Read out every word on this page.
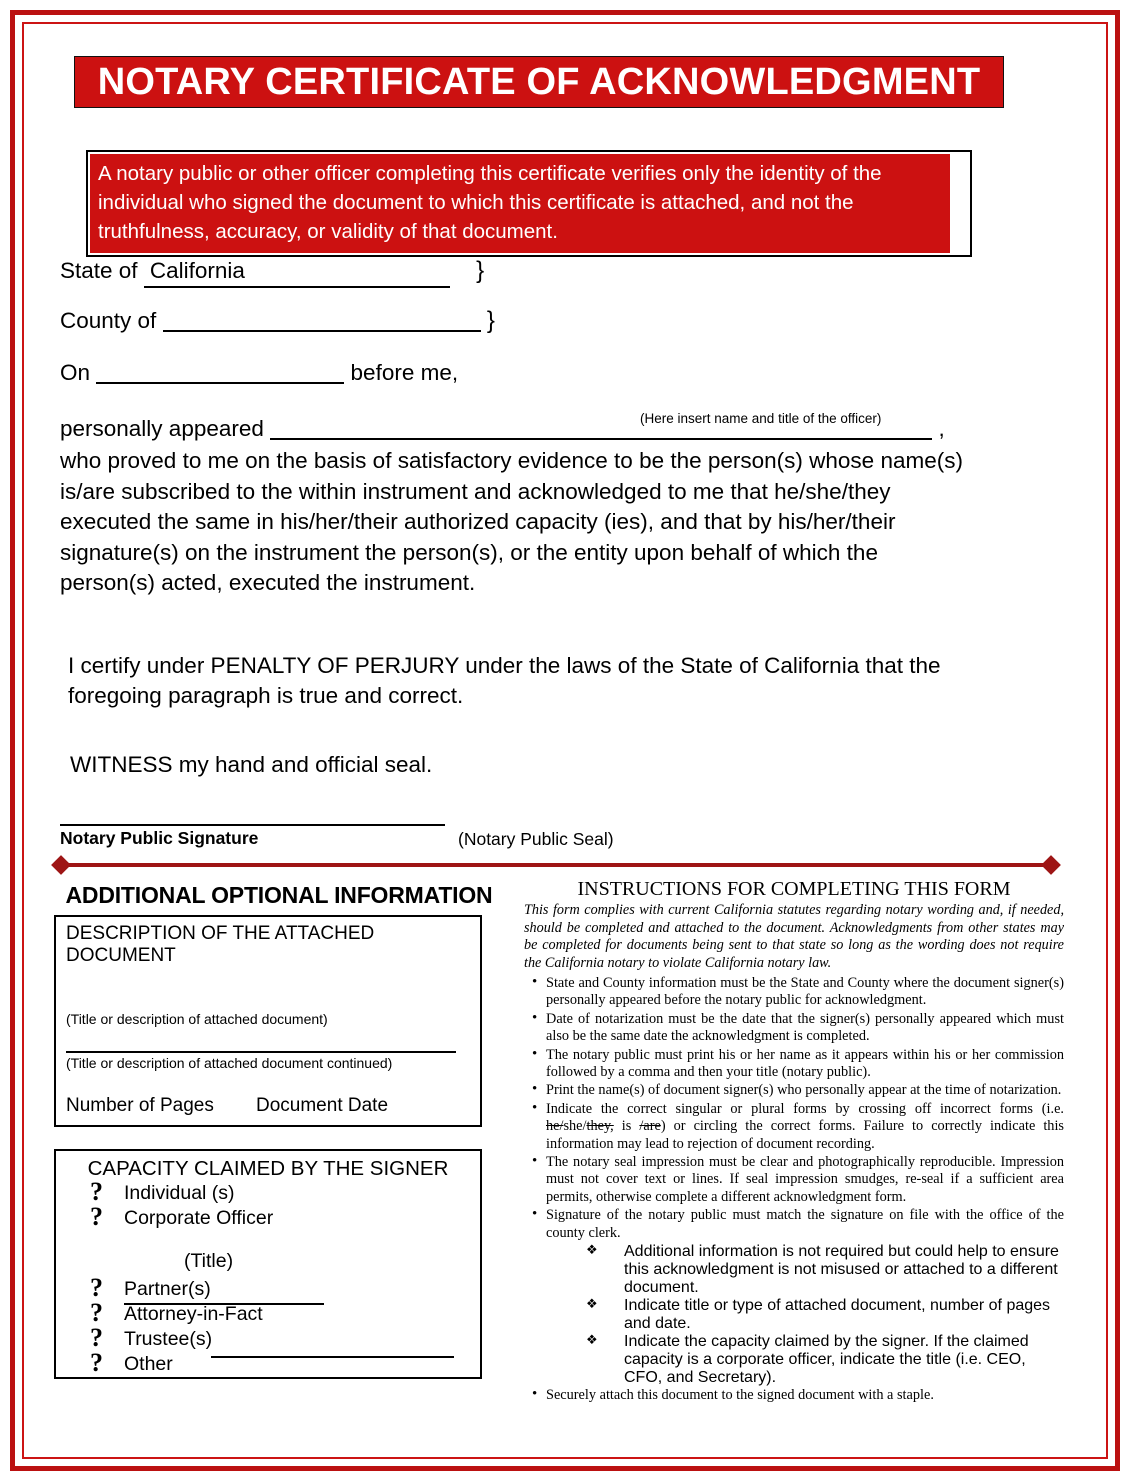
NOTARY CERTIFICATE OF ACKNOWLEDGMENT
A notary public or other officer completing this certificate verifies only the identity of the individual who signed the document to which this certificate is attached, and not the truthfulness, accuracy, or validity of that document.
State of California	}
County of	}
On	before me,
(Here insert name and title of the officer)
personally appeared	,
who proved to me on the basis of satisfactory evidence to be the person(s) whose name(s) is/are subscribed to the within instrument and acknowledged to me that he/she/they executed the same in his/her/their authorized capacity (ies), and that by his/her/their signature(s) on the instrument the person(s), or the entity upon behalf of which the person(s) acted, executed the instrument.
I certify under PENALTY OF PERJURY under the laws of the State of California that the foregoing paragraph is true and correct.
WITNESS my hand and official seal.
Notary Public Signature	(Notary Public Seal)
ADDITIONAL OPTIONAL INFORMATION
DESCRIPTION OF THE ATTACHED DOCUMENT
(Title or description of attached document)
(Title or description of attached document continued)
Number of Pages Document Date
CAPACITY CLAIMED BY THE SIGNER
? Individual (s)
? Corporate Officer
(Title)
? Partner(s)
? Attorney-in-Fact
? Trustee(s)
? Other
INSTRUCTIONS FOR COMPLETING THIS FORM
This form complies with current California statutes regarding notary wording and, if needed, should be completed and attached to the document. Acknowledgments from other states may be completed for documents being sent to that state so long as the wording does not require the California notary to violate California notary law.
• State and County information must be the State and County where the document signer(s) personally appeared before the notary public for acknowledgment.
• Date of notarization must be the date that the signer(s) personally appeared which must also be the same date the acknowledgment is completed.
• The notary public must print his or her name as it appears within his or her commission followed by a comma and then your title (notary public).
• Print the name(s) of document signer(s) who personally appear at the time of notarization.
• Indicate the correct singular or plural forms by crossing off incorrect forms (i.e. he/she/they, is /are) or circling the correct forms. Failure to correctly indicate this information may lead to rejection of document recording.
• The notary seal impression must be clear and photographically reproducible. Impression must not cover text or lines. If seal impression smudges, re-seal if a sufficient area permits, otherwise complete a different acknowledgment form.
• Signature of the notary public must match the signature on file with the office of the county clerk.
❖ Additional information is not required but could help to ensure this acknowledgment is not misused or attached to a different document.
❖ Indicate title or type of attached document, number of pages and date.
❖ Indicate the capacity claimed by the signer. If the claimed capacity is a corporate officer, indicate the title (i.e. CEO, CFO, and Secretary).
• Securely attach this document to the signed document with a staple.
